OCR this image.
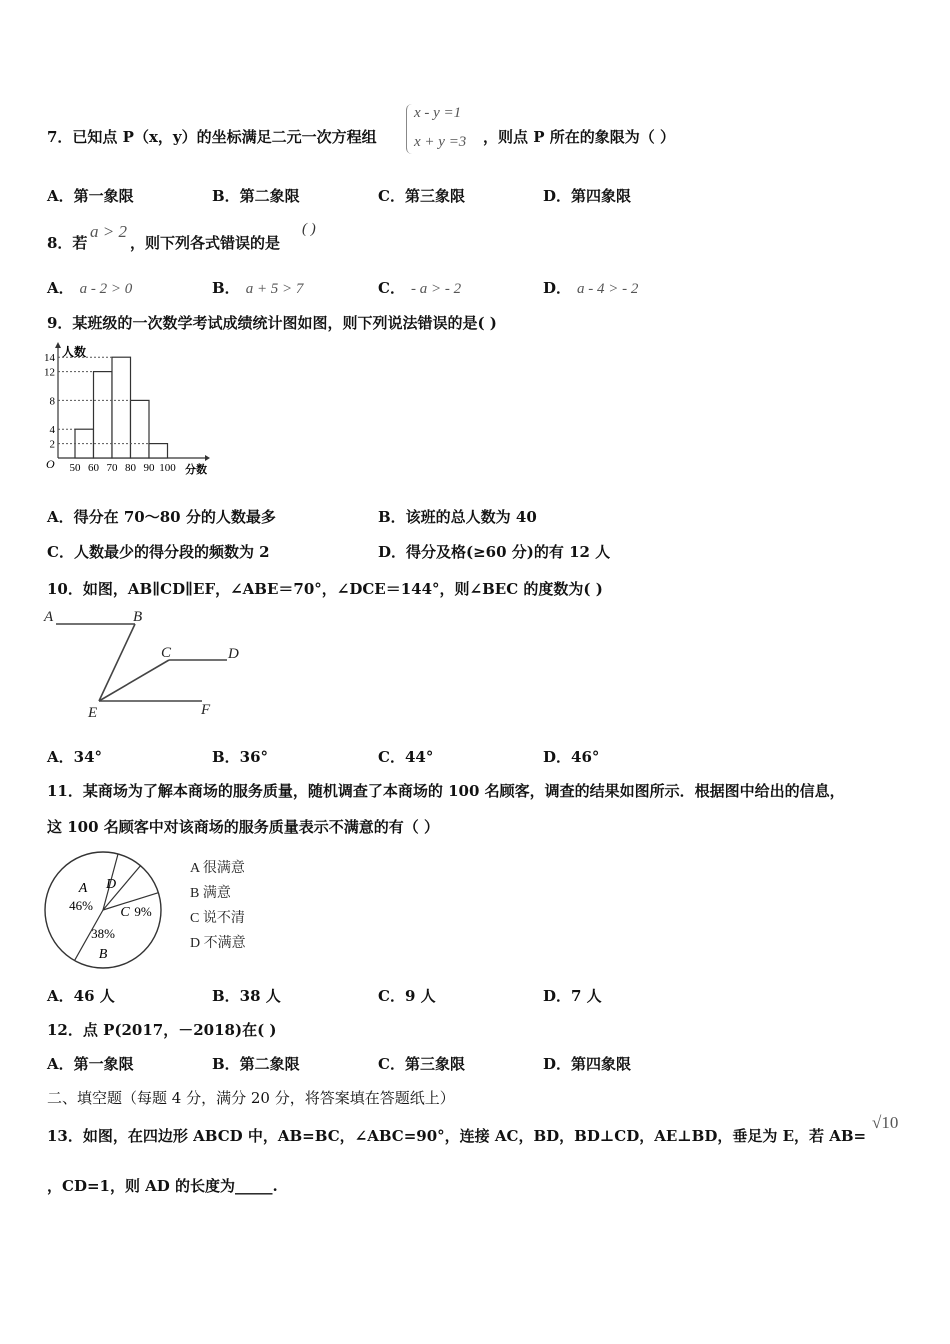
7．已知点 P（x，y）的坐标满足二元一次方程组
x - y =1
x + y =3 ，则点 P 所在的象限为（ ）
A．第一象限	B．第二象限	C．第三象限	D．第四象限
8．若
a > 2
，则下列各式错误的是
( )
A． a - 2 > 0	B． a + 5 > 7	C． - a > - 2	D． a - 4 > - 2
9．某班级的一次数学考试成绩统计图如图，则下列说法错误的是( )
人数
分数
O
2
4
8
12
14
50 60 70 80 90 100
A．得分在 70～80 分的人数最多	B．该班的总人数为 40
C．人数最少的得分段的频数为 2	D．得分及格(≥60 分)的有 12 人
10．如图，AB∥CD∥EF，∠ABE＝70°，∠DCE＝144°，则∠BEC 的度数为( )
A	B
C	D
E	F
A．34°	B．36°	C．44°	D．46°
11．某商场为了解本商场的服务质量，随机调查了本商场的 100 名顾客，调查的结果如图所示．根据图中给出的信息，
这 100 名顾客中对该商场的服务质量表示不满意的有（ ）
A
46%
B
38%
C 9%
D
A 很满意
B 满意
C 说不清
D 不满意
A．46 人	B．38 人	C．9 人	D．7 人
12．点 P(2017，－2018)在( )
A．第一象限	B．第二象限	C．第三象限	D．第四象限
二、填空题（每题 4 分，满分 20 分，将答案填在答题纸上）
13．如图，在四边形 ABCD 中，AB=BC，∠ABC=90°，连接 AC，BD，BD⊥CD，AE⊥BD，垂足为 E，若 AB=
√10
，CD=1，则 AD 的长度为_____.
